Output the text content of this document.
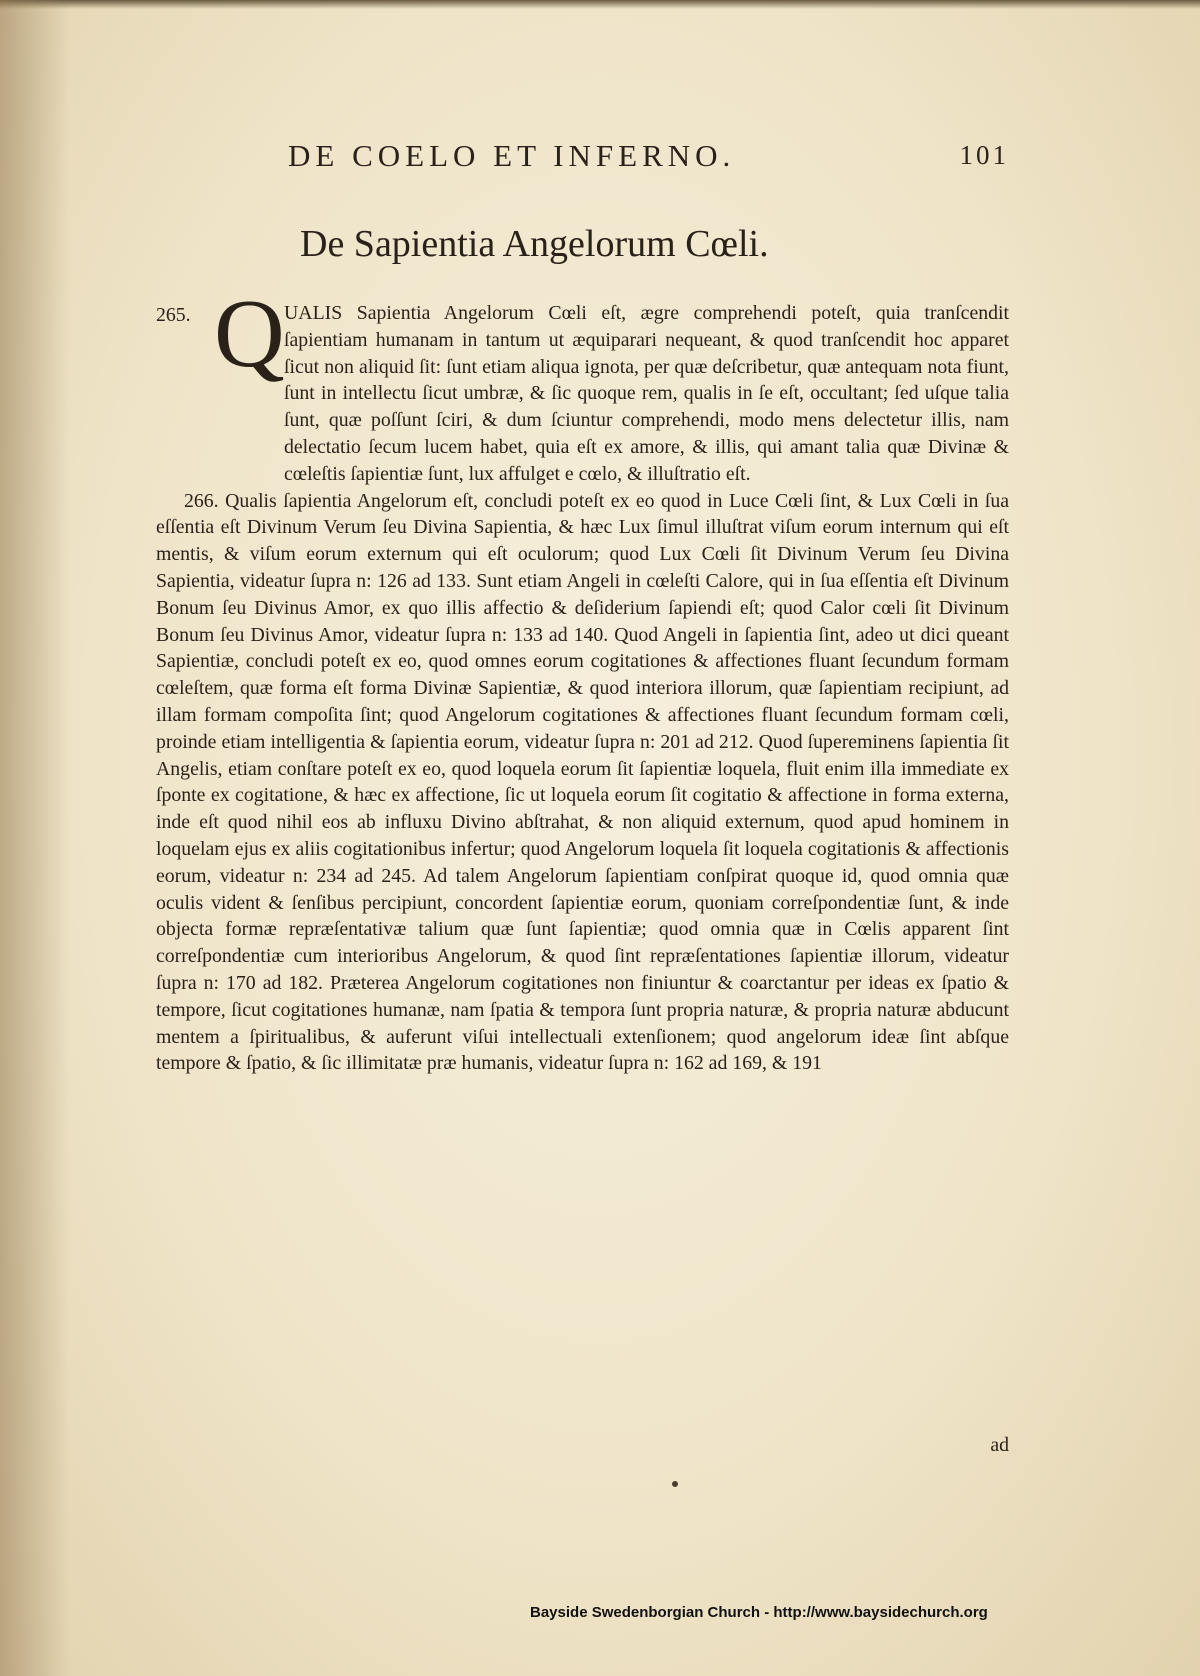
DE COELO ET INFERNO.	101
De Sapientia Angelorum Cœli.
265. Q UALIS Sapientia Angelorum Cœli eſt, ægre comprehendi poteſt, quia tranſcendit ſapientiam humanam in tantum ut æquiparari nequeant, & quod tranſcendit hoc apparet ſicut non aliquid ſit: ſunt etiam aliqua ignota, per quæ deſcribetur, quæ antequam nota fiunt, ſunt in intellectu ſicut umbræ, & ſic quoque rem, qualis in ſe eſt, occultant; ſed uſque talia ſunt, quæ poſſunt ſciri, & dum ſciuntur comprehendi, modo mens delectetur illis, nam delectatio ſecum lucem habet, quia eſt ex amore, & illis, qui amant talia quæ Divinæ & cœleſtis ſapientiæ ſunt, lux affulget e cœlo, & illuſtratio eſt.

266. Qualis ſapientia Angelorum eſt, concludi poteſt ex eo quod in Luce Cœli ſint, & Lux Cœli in ſua eſſentia eſt Divinum Verum ſeu Divina Sapientia, & hæc Lux ſimul illuſtrat viſum eorum internum qui eſt mentis, & viſum eorum externum qui eſt oculorum; quod Lux Cœli ſit Divinum Verum ſeu Divina Sapientia, videatur ſupra n: 126 ad 133. Sunt etiam Angeli in cœleſti Calore, qui in ſua eſſentia eſt Divinum Bonum ſeu Divinus Amor, ex quo illis affectio & deſiderium ſapiendi eſt; quod Calor cœli ſit Divinum Bonum ſeu Divinus Amor, videatur ſupra n: 133 ad 140. Quod Angeli in ſapientia ſint, adeo ut dici queant Sapientiæ, concludi poteſt ex eo, quod omnes eorum cogitationes & affectiones fluant ſecundum formam cœleſtem, quæ forma eſt forma Divinæ Sapientiæ, & quod interiora illorum, quæ ſapientiam recipiunt, ad illam formam compoſita ſint; quod Angelorum cogitationes & affectiones fluant ſecundum formam cœli, proinde etiam intelligentia & ſapientia eorum, videatur ſupra n: 201 ad 212. Quod ſupereminens ſapientia ſit Angelis, etiam conſtare poteſt ex eo, quod loquela eorum ſit ſapientiæ loquela, fluit enim illa immediate ex ſponte ex cogitatione, & hæc ex affectione, ſic ut loquela eorum ſit cogitatio & affectione in forma externa, inde eſt quod nihil eos ab influxu Divino abſtrahat, & non aliquid externum, quod apud hominem in loquelam ejus ex aliis cogitationibus infertur; quod Angelorum loquela ſit loquela cogitationis & affectionis eorum, videatur n: 234 ad 245. Ad talem Angelorum ſapientiam conſpirat quoque id, quod omnia quæ oculis vident & ſenſibus percipiunt, concordent ſapientiæ eorum, quoniam correſpondentiæ ſunt, & inde objecta formæ repræſentativæ talium quæ ſunt ſapientiæ; quod omnia quæ in Cœlis apparent ſint correſpondentiæ cum interioribus Angelorum, & quod ſint repræſentationes ſapientiæ illorum, videatur ſupra n: 170 ad 182. Præterea Angelorum cogitationes non finiuntur & coarctantur per ideas ex ſpatio & tempore, ſicut cogitationes humanæ, nam ſpatia & tempora ſunt propria naturæ, & propria naturæ abducunt mentem a ſpiritualibus, & auferunt viſui intellectuali extenſionem; quod angelorum ideæ ſint abſque tempore & ſpatio, & ſic illimitatæ præ humanis, videatur ſupra n: 162 ad 169, & 191

ad
Bayside Swedenborgian Church - http://www.baysidechurch.org
